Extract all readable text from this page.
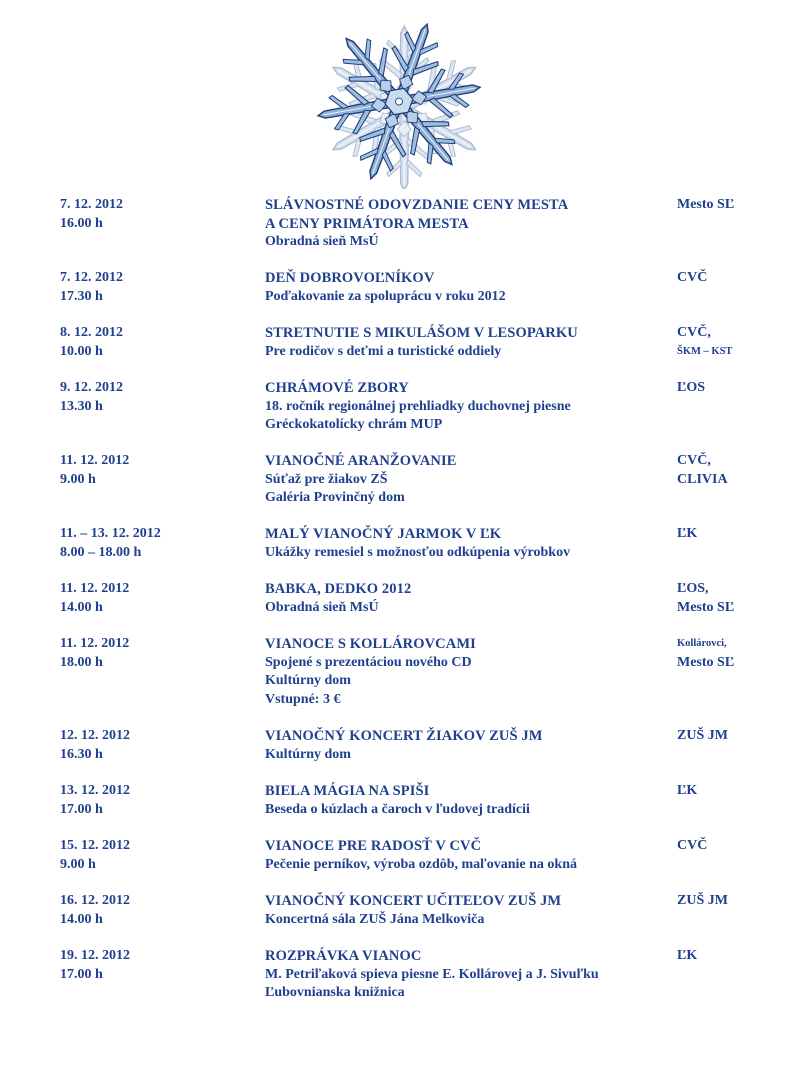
7. 12. 2012
16.00 h
SLÁVNOSTNÉ ODOVZDANIE CENY MESTA
A CENY PRIMÁTORA MESTA
Obradná sieň MsÚ
Mesto SĽ
7. 12. 2012
17.30 h
DEŇ DOBROVOĽNÍKOV
Poďakovanie za spoluprácu v roku 2012
CVČ
8. 12. 2012
10.00 h
STRETNUTIE S MIKULÁŠOM V LESOPARKU
Pre rodičov s deťmi a turistické oddiely
CVČ,
ŠKM – KST
9. 12. 2012
13.30 h
CHRÁMOVÉ ZBORY
18. ročník regionálnej prehliadky duchovnej piesne
Gréckokatolícky chrám MUP
ĽOS
11. 12. 2012
9.00 h
VIANOČNÉ ARANŽOVANIE
Súťaž pre žiakov ZŠ
Galéria Provinčný dom
CVČ,
CLIVIA
11. – 13. 12. 2012
8.00 – 18.00 h
MALÝ VIANOČNÝ JARMOK V ĽK
Ukážky remesiel s možnosťou odkúpenia výrobkov
ĽK
11. 12. 2012
14.00 h
BABKA, DEDKO 2012
Obradná sieň MsÚ
ĽOS,
Mesto SĽ
11. 12. 2012
18.00 h
VIANOCE S KOLLÁROVCAMI
Spojené s prezentáciou nového CD
Kultúrny dom
Vstupné: 3 €
Kollárovci,
Mesto SĽ
12. 12. 2012
16.30 h
VIANOČNÝ KONCERT ŽIAKOV ZUŠ JM
Kultúrny dom
ZUŠ JM
13. 12. 2012
17.00 h
BIELA MÁGIA NA SPIŠI
Beseda o kúzlach a čaroch v ľudovej tradícii
ĽK
15. 12. 2012
9.00 h
VIANOCE PRE RADOSŤ V CVČ
Pečenie perníkov, výroba ozdôb, maľovanie na okná
CVČ
16. 12. 2012
14.00 h
VIANOČNÝ KONCERT UČITEĽOV ZUŠ JM
Koncertná sála ZUŠ Jána Melkoviča
ZUŠ JM
19. 12. 2012
17.00 h
ROZPRÁVKA VIANOC
M. Petriľaková spieva piesne E. Kollárovej a J. Sivuľku
Ľubovnianska knižnica
ĽK
